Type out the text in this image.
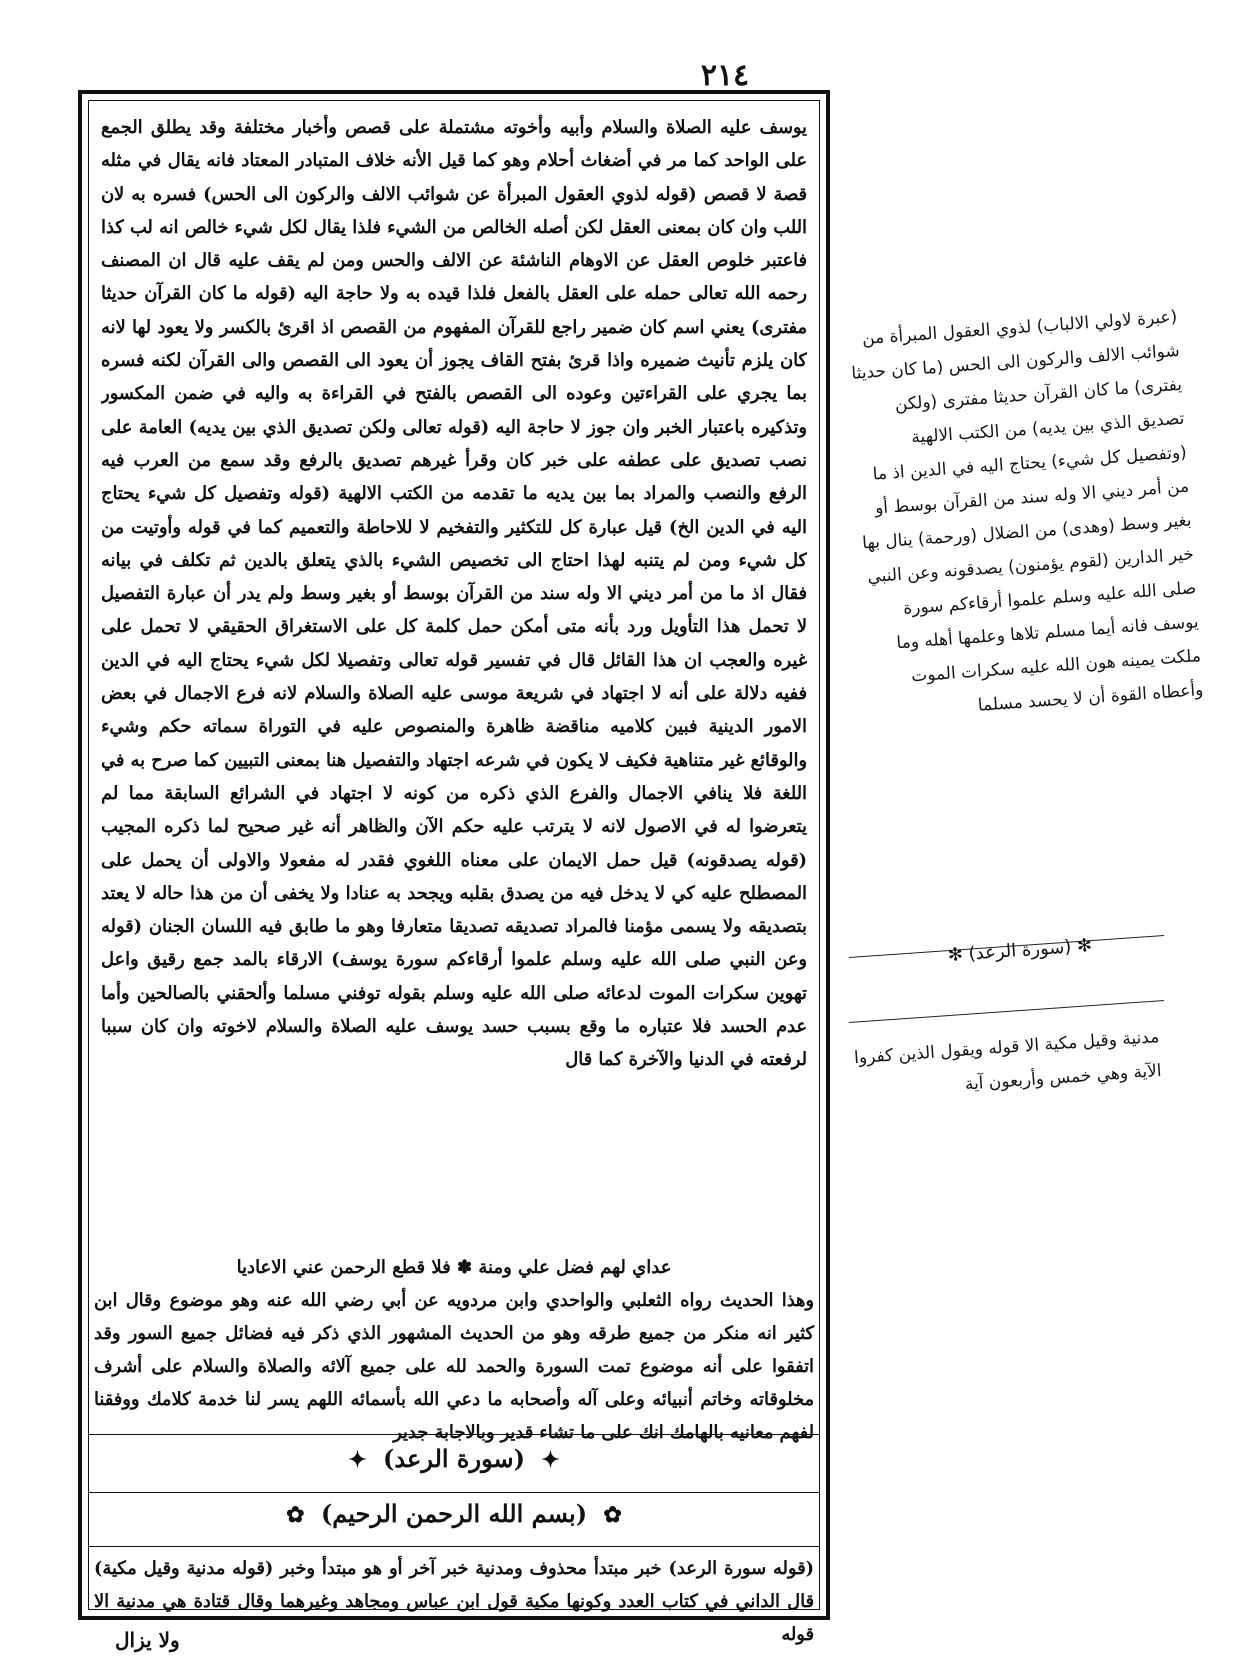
٢١٤

يوسف عليه الصلاة والسلام وأبيه وأخوته مشتملة على قصص وأخبار مختلفة وقد يطلق الجمع على الواحد كما مر في أضغاث أحلام وهو كما قيل الأنه خلاف المتبادر المعتاد فانه يقال في مثله قصة لا قصص (قوله لذوي العقول المبرأة عن شوائب الالف والركون الى الحس) فسره به لان اللب وان كان بمعنى العقل لكن أصله الخالص من الشيء فلذا يقال لكل شيء خالص انه لب كذا فاعتبر خلوص العقل عن الاوهام الناشئة عن الالف والحس ومن لم يقف عليه قال ان المصنف رحمه الله تعالى حمله على العقل بالفعل فلذا قيده به ولا حاجة اليه (قوله ما كان القرآن حديثا مفترى) يعني اسم كان ضمير راجع للقرآن المفهوم من القصص اذ اقرئ بالكسر ولا يعود لها لانه كان يلزم تأنيث ضميره واذا قرئ بفتح القاف يجوز أن يعود الى القصص والى القرآن لكنه فسره بما يجري على القراءتين وعوده الى القصص بالفتح في القراءة به واليه في ضمن المكسور وتذكيره باعتبار الخبر وان جوز لا حاجة اليه (قوله تعالى ولكن تصديق الذي بين يديه) العامة على نصب تصديق على عطفه على خبر كان وقرأ غيرهم تصديق بالرفع وقد سمع من العرب فيه الرفع والنصب والمراد بما بين يديه ما تقدمه من الكتب الالهية (قوله وتفصيل كل شيء يحتاج اليه في الدين الخ) قيل عبارة كل للتكثير والتفخيم لا للاحاطة والتعميم كما في قوله وأوتيت من كل شيء ومن لم يتنبه لهذا احتاج الى تخصيص الشيء بالذي يتعلق بالدين ثم تكلف في بيانه فقال اذ ما من أمر ديني الا وله سند من القرآن بوسط أو بغير وسط ولم يدر أن عبارة التفصيل لا تحمل هذا التأويل ورد بأنه متى أمكن حمل كلمة كل على الاستغراق الحقيقي لا تحمل على غيره والعجب ان هذا القائل قال في تفسير قوله تعالى وتفصيلا لكل شيء يحتاج اليه في الدين ففيه دلالة على أنه لا اجتهاد في شريعة موسى عليه الصلاة والسلام لانه فرع الاجمال في بعض الامور الدينية فبين كلاميه مناقضة ظاهرة والمنصوص عليه في التوراة سماته حكم وشيء والوقائع غير متناهية فكيف لا يكون في شرعه اجتهاد والتفصيل هنا بمعنى التبيين كما صرح به في اللغة فلا ينافي الاجمال والفرع الذي ذكره من كونه لا اجتهاد في الشرائع السابقة مما لم يتعرضوا له في الاصول لانه لا يترتب عليه حكم الآن والظاهر أنه غير صحيح لما ذكره المجيب (قوله يصدقونه) قيل حمل الايمان على معناه اللغوي فقدر له مفعولا والاولى أن يحمل على المصطلح عليه كي لا يدخل فيه من يصدق بقلبه ويجحد به عنادا ولا يخفى أن من هذا حاله لا يعتد بتصديقه ولا يسمى مؤمنا فالمراد تصديقه تصديقا متعارفا وهو ما طابق فيه اللسان الجنان (قوله وعن النبي صلى الله عليه وسلم علموا أرقاءكم سورة يوسف) الارقاء بالمد جمع رقيق واعل تهوين سكرات الموت لدعائه صلى الله عليه وسلم بقوله توفني مسلما وألحقني بالصالحين وأما عدم الحسد فلا عتباره ما وقع بسبب حسد يوسف عليه الصلاة والسلام لاخوته وان كان سببا لرفعته في الدنيا والآخرة كما قال

عداي لهم فضل علي ومنة ✽ فلا قطع الرحمن عني الاعاديا

وهذا الحديث رواه الثعلبي والواحدي وابن مردويه عن أبي رضي الله عنه وهو موضوع وقال ابن كثير انه منكر من جميع طرقه وهو من الحديث المشهور الذي ذكر فيه فضائل جميع السور وقد اتفقوا على أنه موضوع تمت السورة والحمد لله على جميع آلائه والصلاة والسلام على أشرف مخلوقاته وخاتم أنبيائه وعلى آله وأصحابه ما دعي الله بأسمائه اللهم يسر لنا خدمة كلامك ووفقنا لفهم معانيه بالهامك انك على ما تشاء قدير وبالاجابة جدير

✦ (سورة الرعد) ✦
✿ (بسم الله الرحمن الرحيم) ✿

(قوله سورة الرعد) خبر مبتدأ محذوف ومدنية خبر آخر أو هو مبتدأ وخبر (قوله مدنية وقيل مكية) قال الداني في كتاب العدد وكونها مكية قول ابن عباس ومجاهد وغيرهما وقال قتادة هي مدنية الا قوله

ولا يزال
(عبرة لاولي الالباب) لذوي العقول المبرأة من شوائب الالف والركون الى الحس (ما كان حديثا يفترى) ما كان القرآن حديثا مفترى (ولكن تصديق الذي بين يديه) من الكتب الالهية (وتفصيل كل شيء) يحتاج اليه في الدين اذ ما من أمر ديني الا وله سند من القرآن بوسط أو بغير وسط (وهدى) من الضلال (ورحمة) ينال بها خير الدارين (لقوم يؤمنون) يصدقونه وعن النبي صلى الله عليه وسلم علموا أرقاءكم سورة يوسف فانه أيما مسلم تلاها وعلمها أهله وما ملكت يمينه هون الله عليه سكرات الموت وأعطاه القوة أن لا يحسد مسلما
✻ (سورة الرعد) ✻
مدنية وقيل مكية الا قوله ويقول الذين كفروا الآية وهي خمس وأربعون آية
